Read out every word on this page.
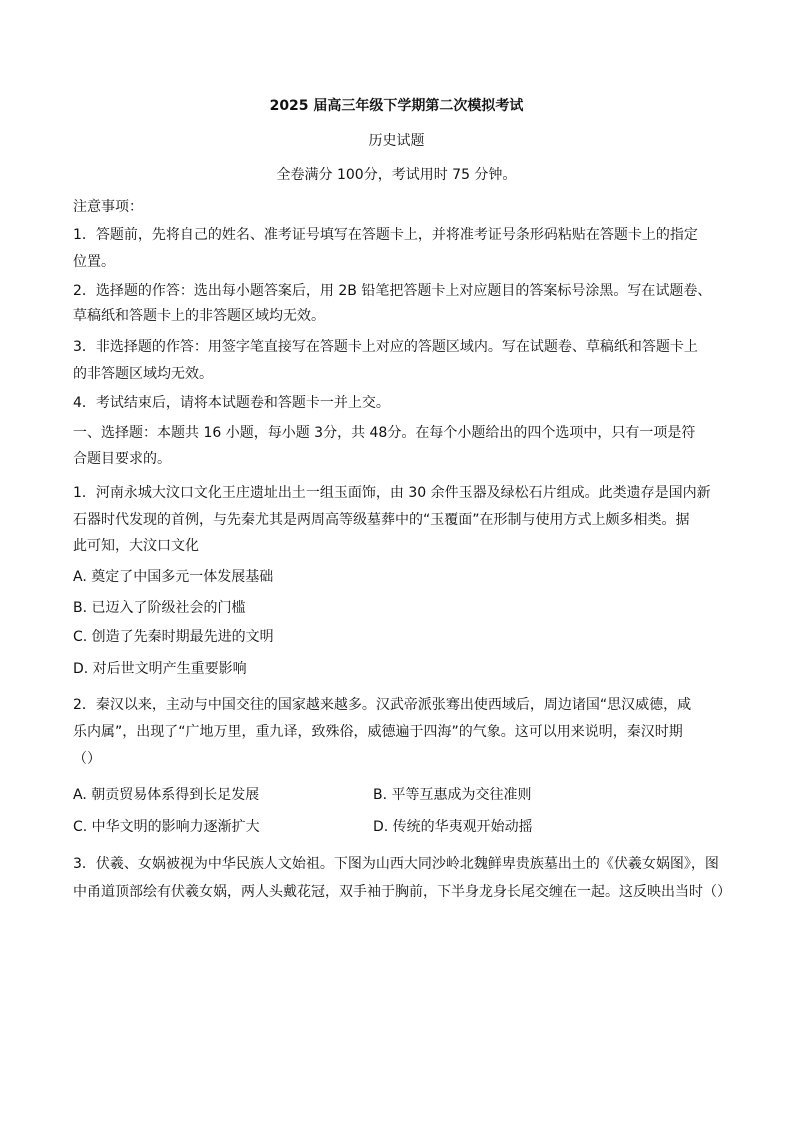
2025 届高三年级下学期第二次模拟考试
历史试题
全卷满分 100分，考试用时 75 分钟。
注意事项：
1．答题前，先将自己的姓名、准考证号填写在答题卡上，并将准考证号条形码粘贴在答题卡上的指定
位置。
2．选择题的作答：选出每小题答案后，用 2B 铅笔把答题卡上对应题目的答案标号涂黑。写在试题卷、
草稿纸和答题卡上的非答题区域均无效。
3．非选择题的作答：用签字笔直接写在答题卡上对应的答题区域内。写在试题卷、草稿纸和答题卡上
的非答题区域均无效。
4．考试结束后，请将本试题卷和答题卡一并上交。
一、选择题：本题共 16 小题，每小题 3分，共 48分。在每个小题给出的四个选项中，只有一项是符
合题目要求的。
1．河南永城大汶口文化王庄遗址出土一组玉面饰，由 30 余件玉器及绿松石片组成。此类遗存是国内新
石器时代发现的首例，与先秦尤其是两周高等级墓葬中的“玉覆面”在形制与使用方式上颇多相类。据
此可知，大汶口文化
A. 奠定了中国多元一体发展基础
B. 已迈入了阶级社会的门槛
C. 创造了先秦时期最先进的文明
D. 对后世文明产生重要影响
2．秦汉以来，主动与中国交往的国家越来越多。汉武帝派张骞出使西域后，周边诸国“思汉威德，咸
乐内属”，出现了“广地万里，重九译，致殊俗，威德遍于四海”的气象。这可以用来说明，秦汉时期
（）
A. 朝贡贸易体系得到长足发展	B. 平等互惠成为交往准则
C. 中华文明的影响力逐渐扩大	D. 传统的华夷观开始动摇
3．伏羲、女娲被视为中华民族人文始祖。下图为山西大同沙岭北魏鲜卑贵族墓出土的《伏羲女娲图》，图
中甬道顶部绘有伏羲女娲，两人头戴花冠，双手袖于胸前，下半身龙身长尾交缠在一起。这反映出当时（）
